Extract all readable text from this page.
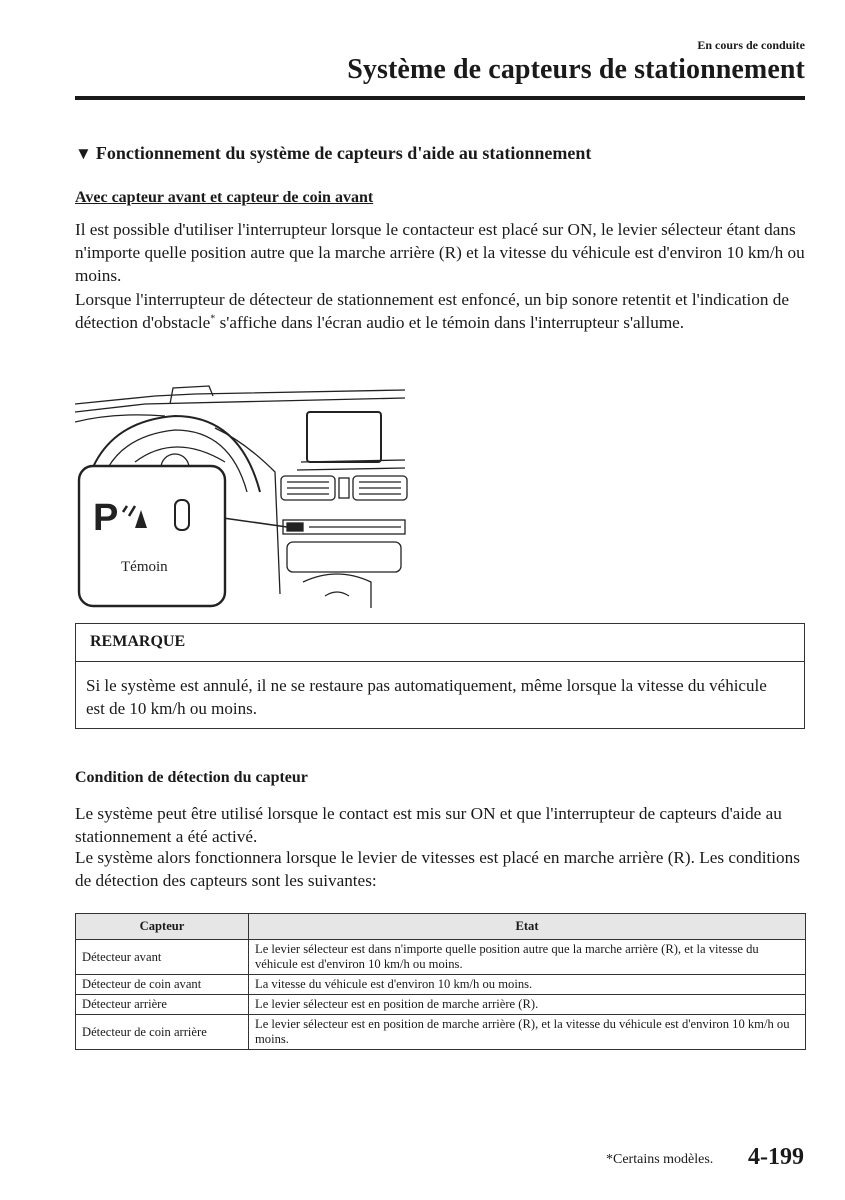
En cours de conduite
Système de capteurs de stationnement
▼ Fonctionnement du système de capteurs d'aide au stationnement
Avec capteur avant et capteur de coin avant

Il est possible d'utiliser l'interrupteur lorsque le contacteur est placé sur ON, le levier sélecteur étant dans n'importe quelle position autre que la marche arrière (R) et la vitesse du véhicule est d'environ 10 km/h ou moins.

Lorsque l'interrupteur de détecteur de stationnement est enfoncé, un bip sonore retentit et l'indication de détection d'obstacle* s'affiche dans l'écran audio et le témoin dans l'interrupteur s'allume.

P
Témoin
REMARQUE

Si le système est annulé, il ne se restaure pas automatiquement, même lorsque la vitesse du véhicule est de 10 km/h ou moins.

Condition de détection du capteur

Le système peut être utilisé lorsque le contact est mis sur ON et que l'interrupteur de capteurs d'aide au stationnement a été activé.

Le système alors fonctionnera lorsque le levier de vitesses est placé en marche arrière (R). Les conditions de détection des capteurs sont les suivantes:

Capteur	Etat
Détecteur avant	Le levier sélecteur est dans n'importe quelle position autre que la marche arrière (R), et la vitesse du véhicule est d'environ 10 km/h ou moins.
Détecteur de coin avant	La vitesse du véhicule est d'environ 10 km/h ou moins.
Détecteur arrière	Le levier sélecteur est en position de marche arrière (R).
Détecteur de coin arrière	Le levier sélecteur est en position de marche arrière (R), et la vitesse du véhicule est d'environ 10 km/h ou moins.
*Certains modèles. 4-199
